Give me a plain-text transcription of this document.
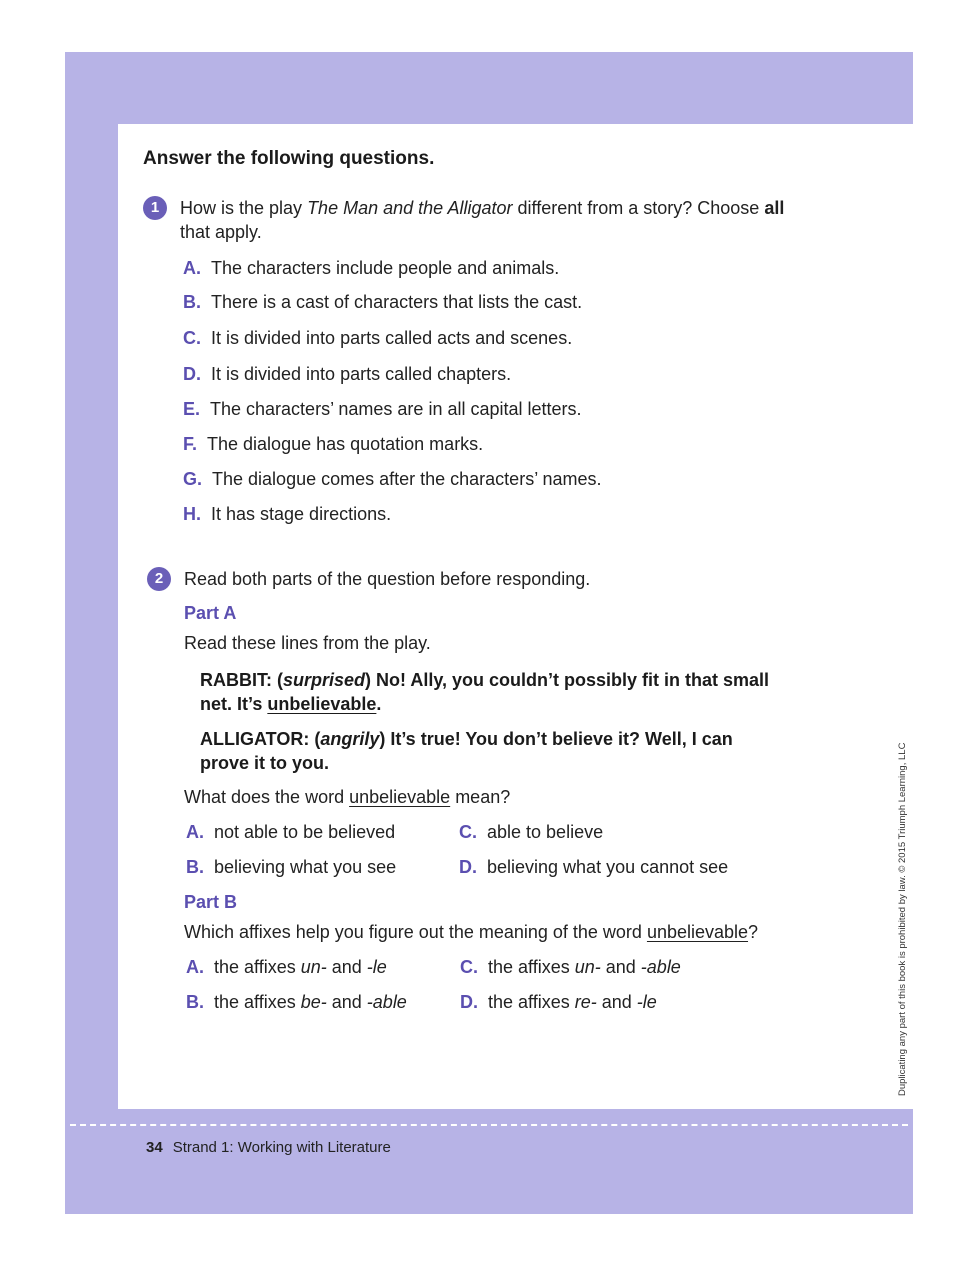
Answer the following questions.
1	How is the play The Man and the Alligator different from a story? Choose all
that apply.
A. The characters include people and animals.
B. There is a cast of characters that lists the cast.
C. It is divided into parts called acts and scenes.
D. It is divided into parts called chapters.
E. The characters’ names are in all capital letters.
F. The dialogue has quotation marks.
G. The dialogue comes after the characters’ names.
H. It has stage directions.
2	Read both parts of the question before responding.
Part A
Read these lines from the play.
RABBIT: (surprised) No! Ally, you couldn’t possibly fit in that small
net. It’s unbelievable.
ALLIGATOR: (angrily) It’s true! You don’t believe it? Well, I can
prove it to you.
What does the word unbelievable mean?
A. not able to be believed	C. able to believe
B. believing what you see	D. believing what you cannot see
Part B
Which affixes help you figure out the meaning of the word unbelievable?
A. the affixes un- and -le	C. the affixes un- and -able
B. the affixes be- and -able	D. the affixes re- and -le
34 Strand 1: Working with Literature
Duplicating any part of this book is prohibited by law. © 2015 Triumph Learning, LLC
